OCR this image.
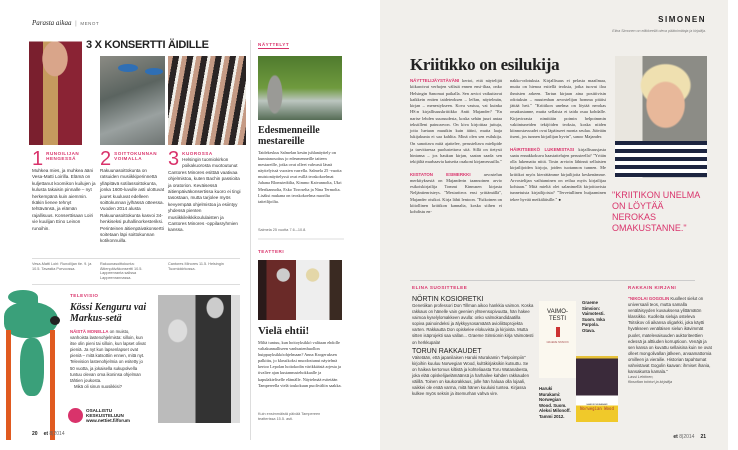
Parasta aikaa | MENOT
3 X KONSERTTI ÄIDILLE
1 RUNOILIJAN HENGESSÄ
Muhkea mies, ja muhkea ääni Vesa-Matti Loirilla. Elämä on kuljettanut koomikon kuilujen ja kulusta takaisin pinnalle – nyt herkempänä kuin aiemmin. Ikäkin lienee tehnyt tehtävänsä, ja elämän rajallisuus. Konserttisaan Loiri vie kuulijan Eino Leinon runoihin.
2 SOITTOKUNNAN VOIMALLA
Rakuunasoittokunta on ratsuiden musiikkiperinnettä ylläpitävä sotilassoittokunta, jonka 1600-luvulle asti ulottuvat juuret kuuluvat edelleen soittokunnan jylhässä otteessa. Vuoden 2014 alusta Rakuunasoittokunta kasvoi 34-henkiseksi puhallinorkesteriksi. Perinteinen äitienpäiväkonsertti soitetaan läpi soittokunnan kotikonnuilla.
3 KUOROSSA
Helsingin tuomiokirkon poikakuorosta muotoutunut Cantores Minores esittää vaativaa ohjelmistoa, kuten Bachin passioita ja oratorion. Keväisessä äitienpäiväkonsertissa kuoro ei tingi tasostaan, mutta tarjolee myös kevyempää ohjelmistoa ja esiintyy yhdessä pienten musiikkileikkikoululaisten ja Cantores Minores -oppilasryhmien kanssa.
Vesa-Matti Loiri: Runoilijan tie. 9. ja 10.5. Tavastia Porvoossa.
Rakuunasoittokunta: Äitienpäiväkonsertti 10.5. Lappeenranta salissa Lappeenrannassa.
Cantores Minores 11.5. Helsingin Tuomiokirkossa.
NÄYTTELYT
Edesmenneille mestareille
Taidekeskus Salmelan kesän juhlanäyttely on kunnianosoitus jo edesmenneille taiteen mestareille, jotka ovat olleet vahvasti läsnä näyttelyissä vuosien varrella. Salmela 25 -vuotta muistonäyttelyssä ovat esillä teoskokoelmat Juhana Blomstedtilta, Kimmo Kaivannolta, Ukri Merikannolta, Esko Tirroselta ja Nina Termolta. Lisäksi mukana on teoskokoelma nuorilta taiteilijoilta.
Salmela 25 vuotta 7.6.–10.8.
TEATTERI
Vielä ehtii!
Miltä tuntuu, kun hoitoyksikkö valitaan ehdolle valtakunnalliseen vanhustenhuollon huippuyksikköohjelmaan? Anna Krogeruksen palkittu, jo klassikoksi muodostunut näytelmä kertoo Lepolan hoitokodin värikkäästä arjesta ja tivaliee ajan kustannustehokkaalle ja kapulakieliselle elämälle. Näytelmää esitetään Tampereella vielä toukokuun puoliväliin saakka.
Kuin ensimmäistä päivää Tampereen teatterissa 15.5. asti.
TELEVISIO
Kössi Kenguru vai Markus-setä
NÄISTÄ MONELLA on muisto, vanhoista lastenohjelmista: silloin, kun itse olin pieni tai silloin, kun lapset olivat pieniä. Ja nyt kun lapsenlapset ovat pieniä – mitä katsottiin ennen, mitä nyt. Television lastenohjelmia on esitetty jo 50 vuotta, ja jokaisella sukupolvella tuntuu olevan oma ikoninsa ohjelman tähtien joukosta.
Mikä oli sinun suosikkisi?
OSALLISTU
KESKUSTELUUN
www.nettiet.fi/forum
20 et 8|2014
SIMONEN
Elina Simonen on eläkkeellä oleva päätoimittaja ja kirjailija.
Kriitikko on esilukija

NÄYTTELIJÄYSTÄVÄNI kertoi, että näytelijät kiikaroivat verhojen välistä ennen ensi-iltaa, onko Helsingin Sanomat paikalla. Sen arviot vaikuttavat kaikkein eniten taideteoksen – leffan, näytelmän, kirjan – menestykseen. Kova vastuu, vai kuinka HS:n kirjallisuuskriitikko Antti Majander? "En narise lehden suuruudesta, koska sehän juuri antaa tekstilleni painoarvon. On kiva kirjoittaa juttuja, joita luetaan muutkin kuin äitini, mutta laaja lukijakunta ei saa kahlita. Minä olen sen esilukija. On sanottava mitä ajattelee, perusteltava mielipide ja tarvittaessa puolustettava sitä. Sillä on tietysti hintansa – jos haukun kirjan, saatan saada sen tekijältä murhaavia katseita osakoni kirjamessuilla."

KIISTATON ESIMERKKI arvostelun merkityksestä on Majanderin taannoinen arvio esikoiskirjailija Tommi Kinnusen kirjasta Neljäntienristeys. "Mestariteos ensi yrittämällä", Majander otsikoi. Kirja lähti lentoon. "Esikoinen on kiitollinen kriitikon kannalta, koska siihen ei kohdistu en-

nakko-odotuksia. Kirjallisuus ei pelasta maailmaa, mutta on hienoa esitellä teoksia, jotka tuovat iloa ihmisten arkeen. Tartun kirjaan aina positiivisin odotuksin – muutenhan arvostelijan homma pitäisi jättää heti." "Kriitikon unelma on löytää nerokas omakustanne, mutta sellaista ei taida osua kohdalle. Kirjavirrasta nimittäin poimin helpoimmin vakiintuneiden tekijöiden teoksia, koska niiden kiinnostavuudet ovat läpäisseet monta seulaa. Jäävään itseni, jos tunnen kirjailijan hyvin", sanoo Majander.

HÄIRITSEEKÖ LUKEMISTASI kirjallisuusjasta saatu ennakkokuva haastattelujen perusteella? "Yritän olla lukematta niitä. Tosin arvioin lähinnä sellaisten kirjailijoiden kirjoja, joiden tuotannon tunnen. Me kriitikot myös kierrätämme kirjailijoita keskenämme. Arvostelijan vaihtaminen on reilua myös kirjailijaa kohtaan." Mitä mieltä olet salanimellä kirjoittavista tunnetuista kirjailijoista? "Tervetullinen huijaaminen tekee hyvää meikäläisille." ●	"KRIITIKON UNELMA ON LÖYTÄÄ NEROKAS OMAKUSTANNE."
ELINA SUOSITTELEE
NÖRTIN KOSIORETKI
Genetiikan professori Don Tillman aikoo hankkia vaimon. Koska rakkaus on hänelle vain geenien yhteensopivuutta, hän hakee vaimoa kyselylomakkeen avulla: onko valmokandidaatilla sopiva painoindeksi ja älykkyysosamäärä avioliittoprojekta varten. Rakkautta Don opiskelee elokuvista ja kirjoista. Mutta sitten isäprojekti saa vallan... Graeme Simsionin kirja Vaimotesti on herkkupala!
TORUN RAKKAUDET
Väitetään, että japanilaisen Haruki Murakamin "helpoimpiin" kirjoihin kuuluu Norwegian Wood, kulttikirjaksikin kutsuttu. Se on haikea kertomus kiltistä ja kohteliaasta Toru Watanabesta, joka elää opiskelijaelämäänsä ja harhailee kahden rakkauden välillä. Toinen on kaukorakkaus, jolle hän haluaa olla lojaali, vaikkei ole enää varma, mitä hänen kuuluisi tuntea. Kirjassa kulkee myös seksin ja itsemurhan vahva vire.
VAIMO-TESTI
GRAEME SIMSION
Graeme Simsion: Vaimotesti. Suom. Inka Parpola. Otava.
HARUKI MURAKAMI
Norwegian Wood
Haruki Murakami: Norwegian Wood. Suom. Aleksi Milonoff. Tammi 2012.
RAKKAIN KIRJANI
"NIKOLAI GOGOLIN Kuolleet sielut on universaali teos, mutta samalla venäläisyyden kuvauksena ylittämätön klassikko. Kuolleita sieluja osteleva Tsitsikov oli aikansa oligarkki, joka käytti hyväkseen venäläisen sielun ikävimmät puolet, matelevaisuuden auktoriteettien edessä ja alttiuden korruptioon. Venäjä ja sen kansa on kuvattu sellaisina kuin ne ovat olleet mongolivallan jälkeen, arvaamattomia omilleen ja vierailie. Historian tapahtumat vahvistavat Gogolin kaavan: ihmiset ihania, kansakunta kamala."
Lassi Lehtinen,
filosofian tohtori ja kirjailija
et 8|2014 21
